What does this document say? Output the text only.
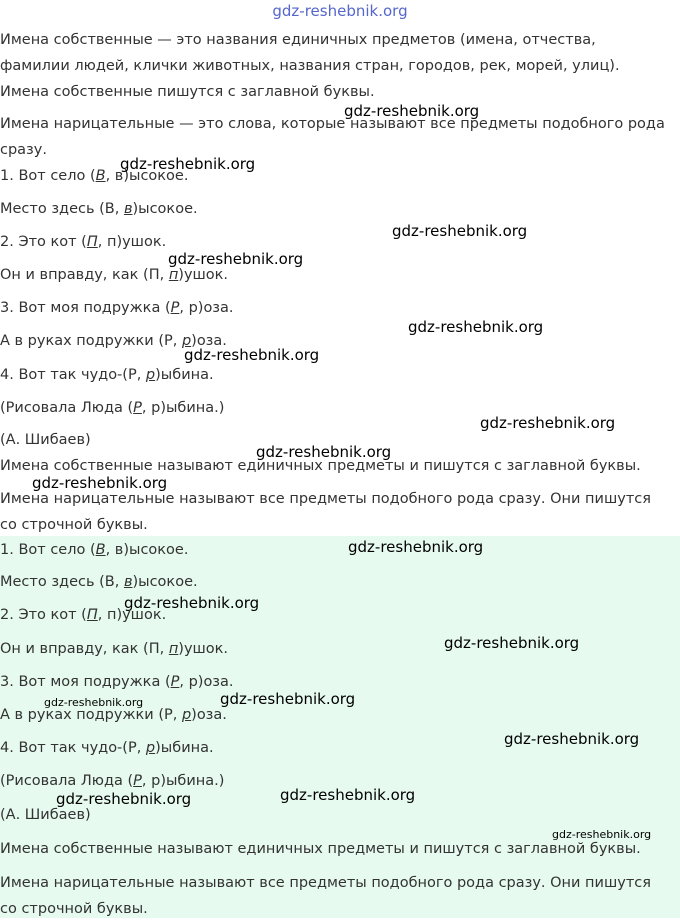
gdz-reshebnik.org
Имена собственные — это названия единичных предметов (имена, отчества, фамилии людей, клички животных, названия стран, городов, рек, морей, улиц). Имена собственные пишутся с заглавной буквы.
Имена нарицательные — это слова, которые называют все предметы подобного рода сразу.
1. Вот село (В, в)ысокое.
Место здесь (В, в)ысокое.
2. Это кот (П, п)ушок.
Он и вправду, как (П, п)ушок.
3. Вот моя подружка (Р, р)оза.
А в руках подружки (Р, р)оза.
4. Вот так чудо-(Р, р)ыбина.
(Рисовала Люда (Р, р)ыбина.)
(А. Шибаев)
Имена собственные называют единичных предметы и пишутся с заглавной буквы.
Имена нарицательные называют все предметы подобного рода сразу. Они пишутся со строчной буквы.
1. Вот село (В, в)ысокое.
Место здесь (В, в)ысокое.
2. Это кот (П, п)ушок.
Он и вправду, как (П, п)ушок.
3. Вот моя подружка (Р, р)оза.
А в руках подружки (Р, р)оза.
4. Вот так чудо-(Р, р)ыбина.
(Рисовала Люда (Р, р)ыбина.)
(А. Шибаев)
Имена собственные называют единичных предметы и пишутся с заглавной буквы.
Имена нарицательные называют все предметы подобного рода сразу. Они пишутся со строчной буквы.
gdz-reshebnik.org
gdz-reshebnik.org
gdz-reshebnik.org
gdz-reshebnik.org
gdz-reshebnik.org
gdz-reshebnik.org
gdz-reshebnik.org
gdz-reshebnik.org
gdz-reshebnik.org
gdz-reshebnik.org
gdz-reshebnik.org
gdz-reshebnik.org
gdz-reshebnik.org	gdz-reshebnik.org
gdz-reshebnik.org
gdz-reshebnik.org	gdz-reshebnik.org
gdz-reshebnik.org
